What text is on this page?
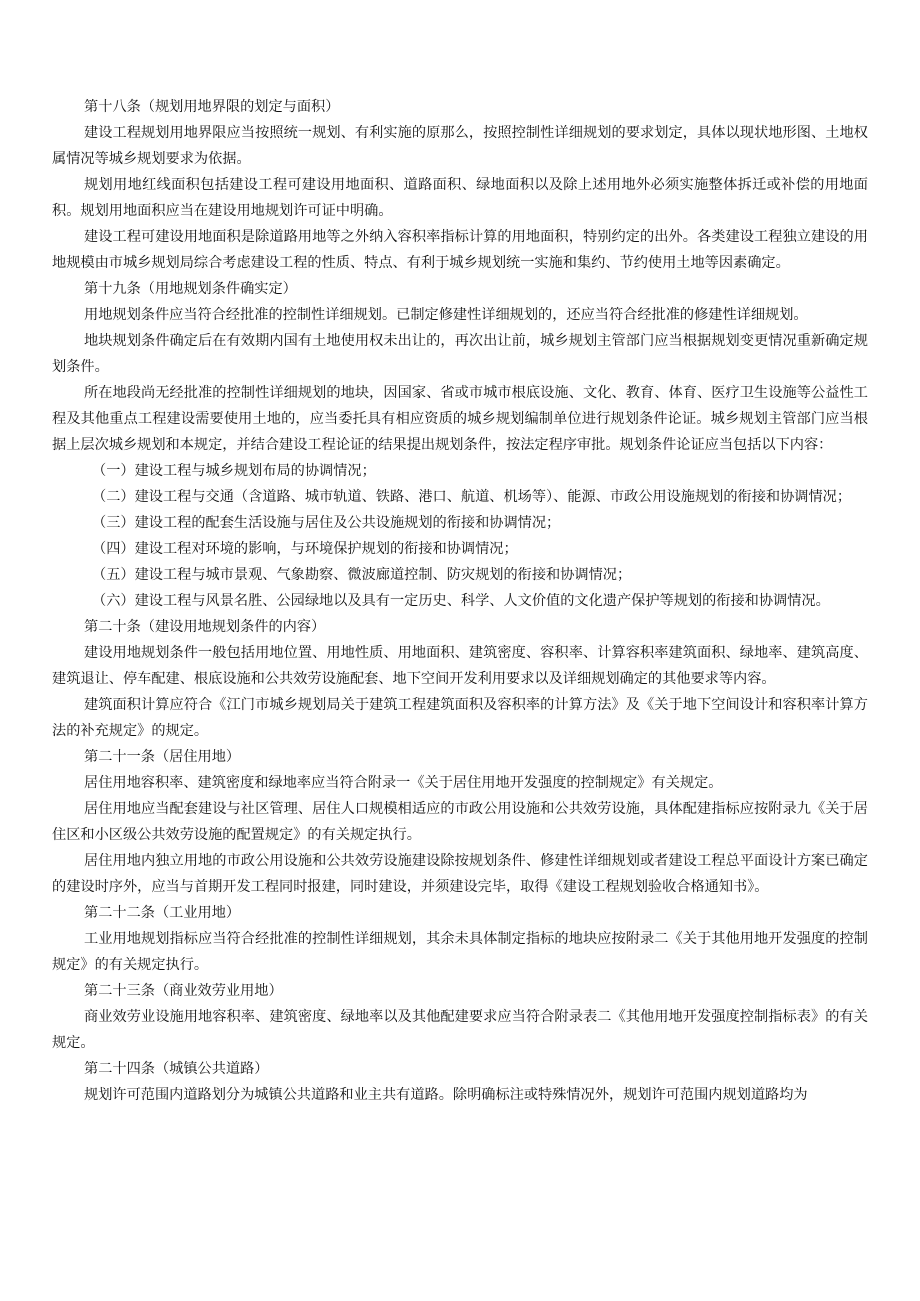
第十八条（规划用地界限的划定与面积）

建设工程规划用地界限应当按照统一规划、有利实施的原那么，按照控制性详细规划的要求划定，具体以现状地形图、土地权属情况等城乡规划要求为依据。

规划用地红线面积包括建设工程可建设用地面积、道路面积、绿地面积以及除上述用地外必须实施整体拆迁或补偿的用地面积。规划用地面积应当在建设用地规划许可证中明确。

建设工程可建设用地面积是除道路用地等之外纳入容积率指标计算的用地面积，特别约定的出外。各类建设工程独立建设的用地规模由市城乡规划局综合考虑建设工程的性质、特点、有利于城乡规划统一实施和集约、节约使用土地等因素确定。

第十九条（用地规划条件确实定）

用地规划条件应当符合经批准的控制性详细规划。已制定修建性详细规划的，还应当符合经批准的修建性详细规划。

地块规划条件确定后在有效期内国有土地使用权未出让的，再次出让前，城乡规划主管部门应当根据规划变更情况重新确定规划条件。

所在地段尚无经批准的控制性详细规划的地块，因国家、省或市城市根底设施、文化、教育、体育、医疗卫生设施等公益性工程及其他重点工程建设需要使用土地的，应当委托具有相应资质的城乡规划编制单位进行规划条件论证。城乡规划主管部门应当根据上层次城乡规划和本规定，并结合建设工程论证的结果提出规划条件，按法定程序审批。规划条件论证应当包括以下内容：

（一）建设工程与城乡规划布局的协调情况；

（二）建设工程与交通（含道路、城市轨道、铁路、港口、航道、机场等）、能源、市政公用设施规划的衔接和协调情况；

（三）建设工程的配套生活设施与居住及公共设施规划的衔接和协调情况；

（四）建设工程对环境的影响，与环境保护规划的衔接和协调情况；

（五）建设工程与城市景观、气象勘察、微波廊道控制、防灾规划的衔接和协调情况；

（六）建设工程与风景名胜、公园绿地以及具有一定历史、科学、人文价值的文化遗产保护等规划的衔接和协调情况。

第二十条（建设用地规划条件的内容）

建设用地规划条件一般包括用地位置、用地性质、用地面积、建筑密度、容积率、计算容积率建筑面积、绿地率、建筑高度、建筑退让、停车配建、根底设施和公共效劳设施配套、地下空间开发利用要求以及详细规划确定的其他要求等内容。

建筑面积计算应符合《江门市城乡规划局关于建筑工程建筑面积及容积率的计算方法》及《关于地下空间设计和容积率计算方法的补充规定》的规定。

第二十一条（居住用地）

居住用地容积率、建筑密度和绿地率应当符合附录一《关于居住用地开发强度的控制规定》有关规定。

居住用地应当配套建设与社区管理、居住人口规模相适应的市政公用设施和公共效劳设施，具体配建指标应按附录九《关于居住区和小区级公共效劳设施的配置规定》的有关规定执行。

居住用地内独立用地的市政公用设施和公共效劳设施建设除按规划条件、修建性详细规划或者建设工程总平面设计方案已确定的建设时序外，应当与首期开发工程同时报建，同时建设，并须建设完毕，取得《建设工程规划验收合格通知书》。

第二十二条（工业用地）

工业用地规划指标应当符合经批准的控制性详细规划，其余未具体制定指标的地块应按附录二《关于其他用地开发强度的控制规定》的有关规定执行。

第二十三条（商业效劳业用地）

商业效劳业设施用地容积率、建筑密度、绿地率以及其他配建要求应当符合附录表二《其他用地开发强度控制指标表》的有关规定。

第二十四条（城镇公共道路）

规划许可范围内道路划分为城镇公共道路和业主共有道路。除明确标注或特殊情况外，规划许可范围内规划道路均为
